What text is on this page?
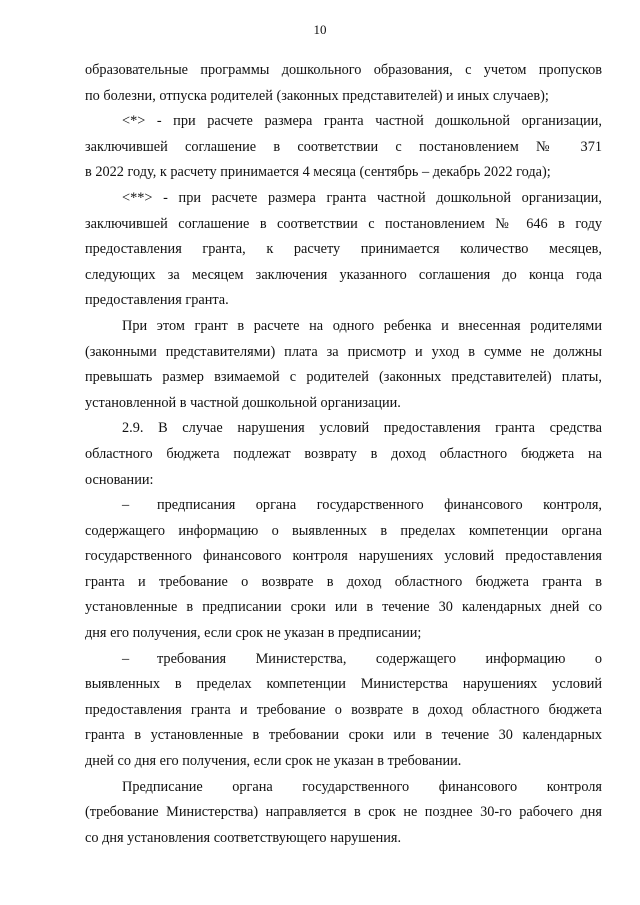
10
образовательные программы дошкольного образования, с учетом пропусков
по болезни, отпуска родителей (законных представителей) и иных случаев);
<*> - при расчете размера гранта частной дошкольной организации,
заключившей соглашение в соответствии с постановлением № 371
в 2022 году, к расчету принимается 4 месяца (сентябрь – декабрь 2022 года);
<**> - при расчете размера гранта частной дошкольной организации,
заключившей соглашение в соответствии с постановлением № 646 в году
предоставления гранта, к расчету принимается количество месяцев,
следующих за месяцем заключения указанного соглашения до конца года
предоставления гранта.
При этом грант в расчете на одного ребенка и внесенная родителями
(законными представителями) плата за присмотр и уход в сумме не должны
превышать размер взимаемой с родителей (законных представителей) платы,
установленной в частной дошкольной организации.
2.9. В случае нарушения условий предоставления гранта средства
областного бюджета подлежат возврату в доход областного бюджета на
основании:
–	предписания органа государственного финансового контроля,
содержащего информацию о выявленных в пределах компетенции органа
государственного финансового контроля нарушениях условий предоставления
гранта и требование о возврате в доход областного бюджета гранта в
установленные в предписании сроки или в течение 30 календарных дней со
дня его получения, если срок не указан в предписании;
–	требования Министерства, содержащего информацию о
выявленных в пределах компетенции Министерства нарушениях условий
предоставления гранта и требование о возврате в доход областного бюджета
гранта в установленные в требовании сроки или в течение 30 календарных
дней со дня его получения, если срок не указан в требовании.
Предписание органа государственного финансового контроля
(требование Министерства) направляется в срок не позднее 30-го рабочего дня
со дня установления соответствующего нарушения.
